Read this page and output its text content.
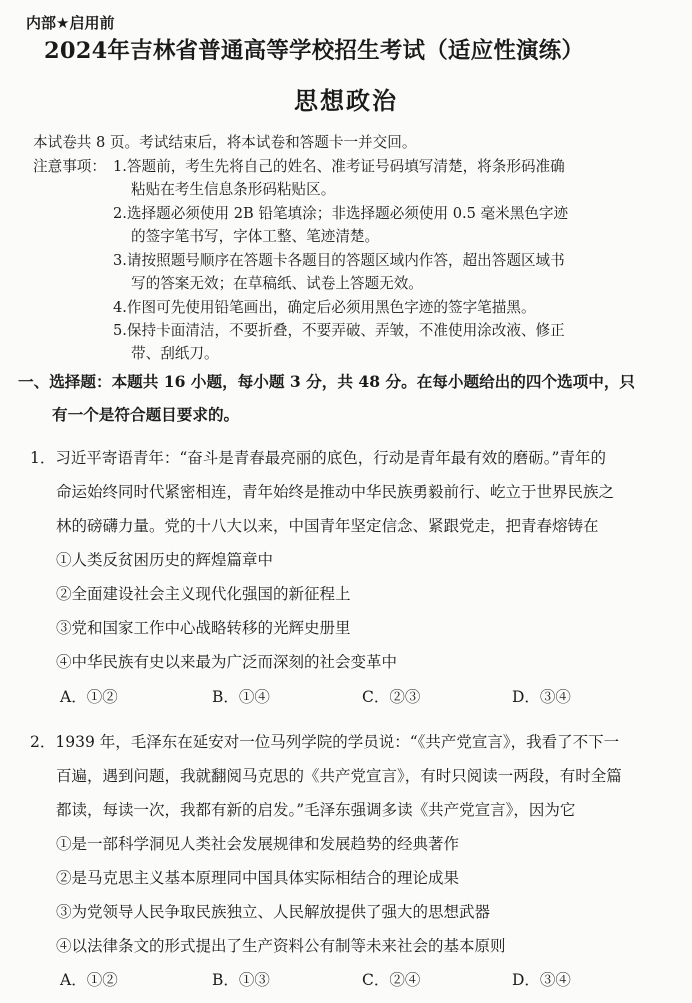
内部★启用前
2024年吉林省普通高等学校招生考试（适应性演练）
思想政治
本试卷共 8 页。考试结束后，将本试卷和答题卡一并交回。
注意事项： 1.答题前，考生先将自己的姓名、准考证号码填写清楚，将条形码准确
粘贴在考生信息条形码粘贴区。
2.选择题必须使用 2B 铅笔填涂；非选择题必须使用 0.5 毫米黑色字迹
的签字笔书写，字体工整、笔迹清楚。
3.请按照题号顺序在答题卡各题目的答题区域内作答，超出答题区域书
写的答案无效；在草稿纸、试卷上答题无效。
4.作图可先使用铅笔画出，确定后必须用黑色字迹的签字笔描黑。
5.保持卡面清洁，不要折叠，不要弄破、弄皱，不准使用涂改液、修正
带、刮纸刀。
一、选择题：本题共 16 小题，每小题 3 分，共 48 分。在每小题给出的四个选项中，只
有一个是符合题目要求的。
1．习近平寄语青年：“奋斗是青春最亮丽的底色，行动是青年最有效的磨砺。”青年的
命运始终同时代紧密相连，青年始终是推动中华民族勇毅前行、屹立于世界民族之
林的磅礴力量。党的十八大以来，中国青年坚定信念、紧跟党走，把青春熔铸在
①人类反贫困历史的辉煌篇章中
②全面建设社会主义现代化强国的新征程上
③党和国家工作中心战略转移的光辉史册里
④中华民族有史以来最为广泛而深刻的社会变革中
A．①②	B．①④	C．②③	D．③④
2．1939 年，毛泽东在延安对一位马列学院的学员说：“《共产党宣言》，我看了不下一
百遍，遇到问题，我就翻阅马克思的《共产党宣言》，有时只阅读一两段，有时全篇
都读，每读一次，我都有新的启发。”毛泽东强调多读《共产党宣言》，因为它
①是一部科学洞见人类社会发展规律和发展趋势的经典著作
②是马克思主义基本原理同中国具体实际相结合的理论成果
③为党领导人民争取民族独立、人民解放提供了强大的思想武器
④以法律条文的形式提出了生产资料公有制等未来社会的基本原则
A．①②	B．①③	C．②④	D．③④
